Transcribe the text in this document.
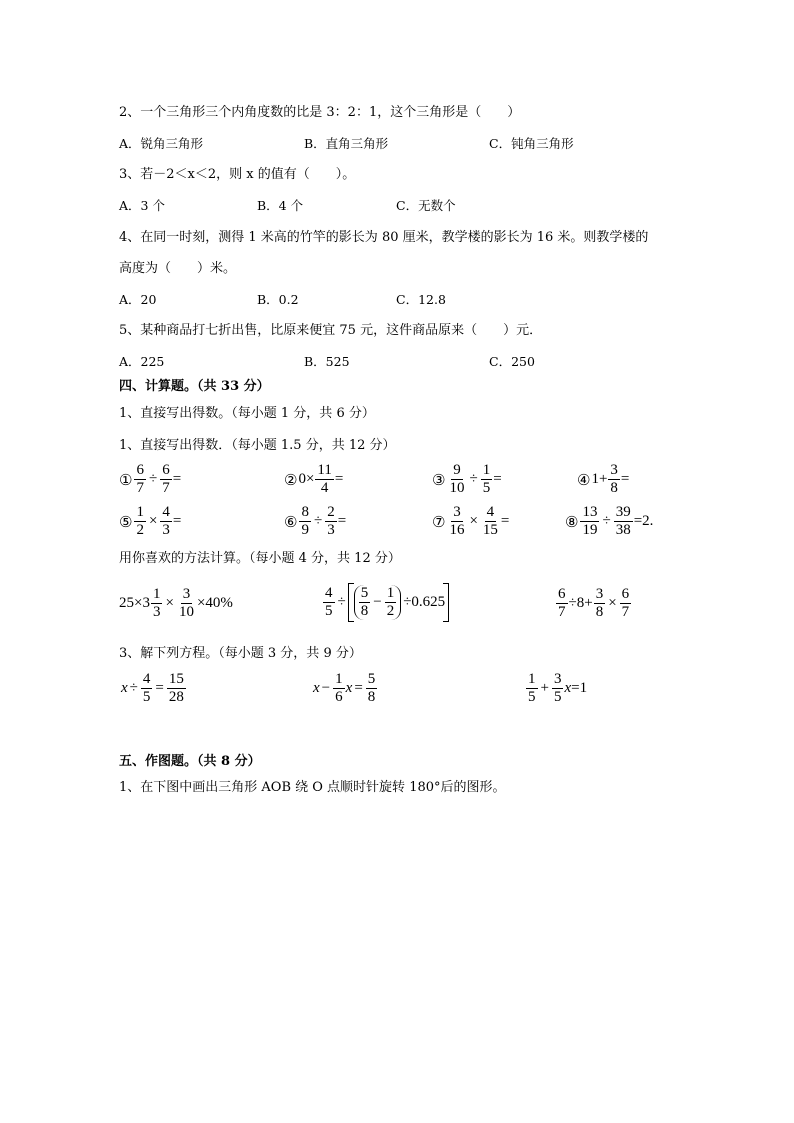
2、一个三角形三个内角度数的比是 3：2：1，这个三角形是（　　）
A．锐角三角形	B．直角三角形	C．钝角三角形
3、若－2＜x＜2，则 x 的值有（　　）。
A．3 个	B．4 个	C．无数个
4、在同一时刻，测得 1 米高的竹竿的影长为 80 厘米，教学楼的影长为 16 米。则教学楼的
高度为（　　）米。
A．20	B．0.2	C．12.8
5、某种商品打七折出售，比原来便宜 75 元，这件商品原来（　　）元．
A．225	B．525	C．250
四、计算题。（共 33 分）
1、直接写出得数。（每小题 1 分，共 6 分）
1、直接写出得数．（每小题 1.5 分，共 12 分）
① $\frac{6}{7} \div \frac{6}{7}$ =	② $0\times \frac{11}{4}$ =	③ $\frac{9}{10} \div \frac{1}{5}$ =	④ $1+ \frac{3}{8}$ =
⑤ $\frac{1}{2} \times \frac{4}{3}$ =	⑥ $\frac{8}{9} \div \frac{2}{3}$ =	⑦ $\frac{3}{16} \times \frac{4}{15}$ =	⑧ $\frac{13}{19} \div \frac{39}{38} =2$.
用你喜欢的方法计算。（每小题 4 分，共 12 分）
$25\times 3 \frac{1}{3} \times \frac{3}{10} \times 40\%$	$\frac{4}{5} \div \frac{5}{8} - \frac{1}{2} \div 0.625$	$\frac{6}{7} \div 8+ \frac{3}{8} \times \frac{6}{7}$
3、解下列方程。（每小题 3 分，共 9 分）
$x \div \frac{4}{5} = \frac{15}{28}$	$x - \frac{1}{6}$ $x = \frac{5}{8}$	$\frac{1}{5} + \frac{3}{5}$ x =1
五、作图题。（共 8 分）
1、在下图中画出三角形 AOB 绕 O 点顺时针旋转 180°后的图形。
